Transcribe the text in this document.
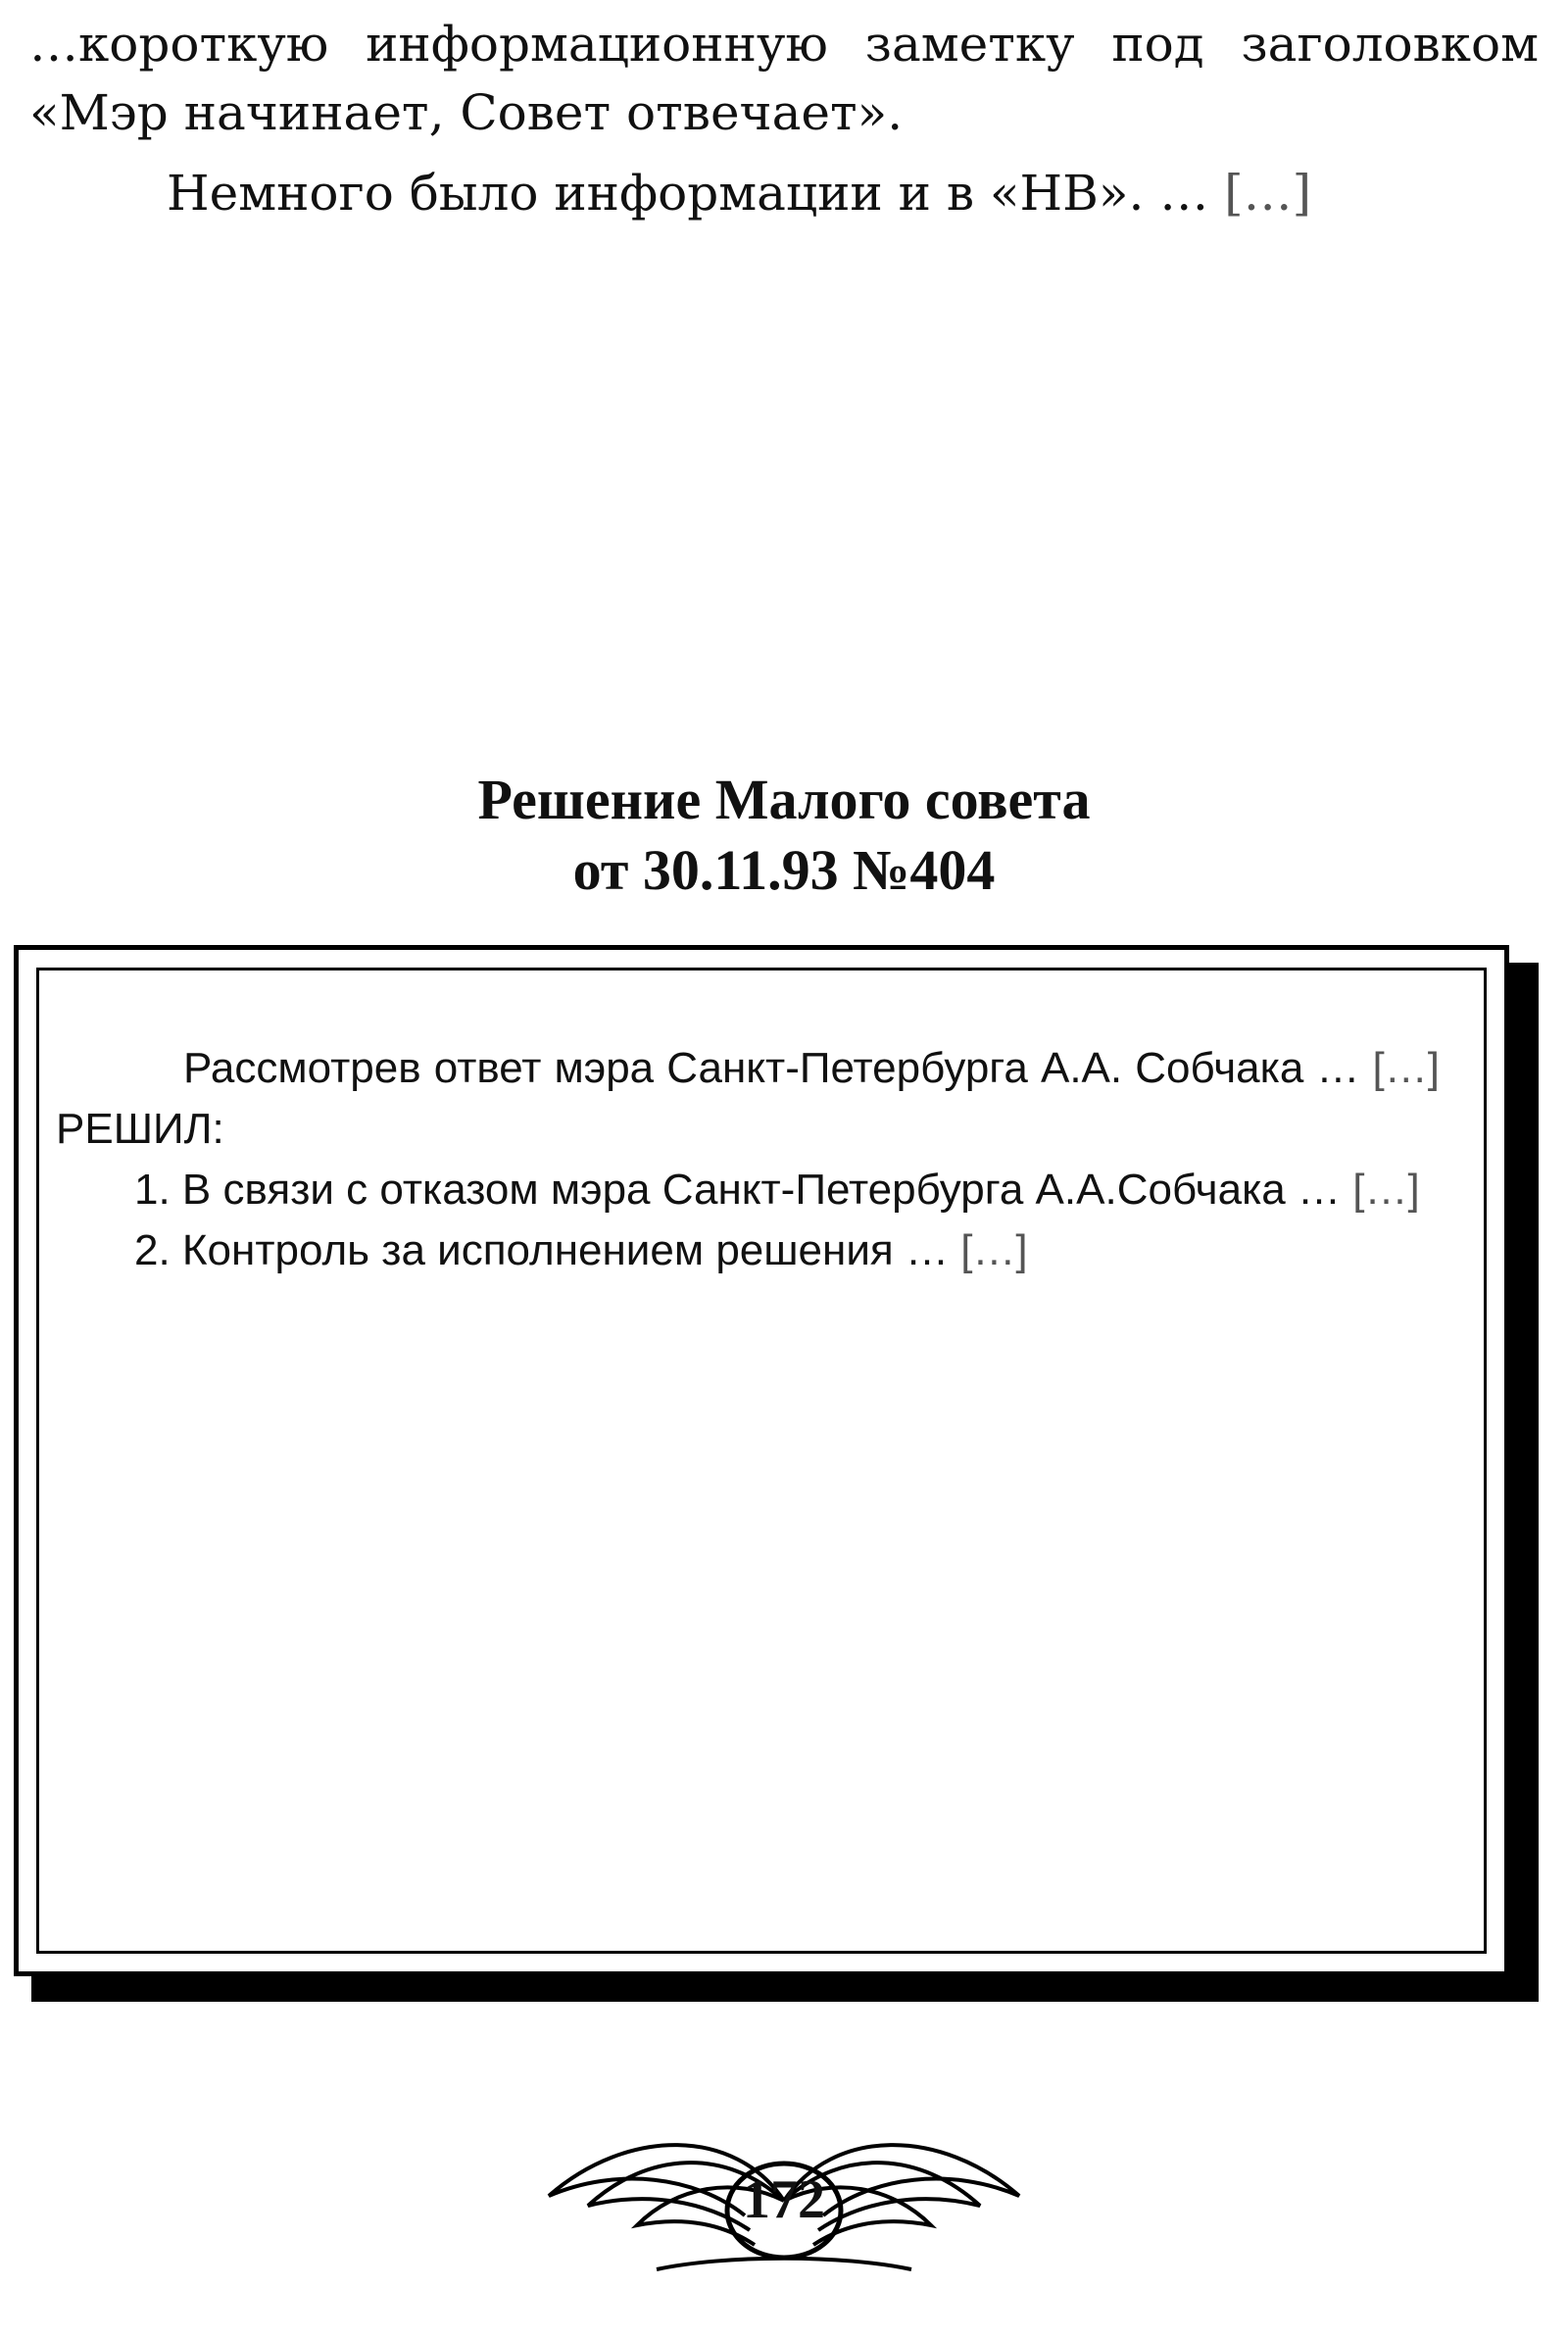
…короткую информационную заметку под заголовком «Мэр начинает, Совет отвечает».

Немного было информации и в «НВ». … […]

Решение Малого совета
от 30.11.93 №404

Рассмотрев ответ мэра Санкт-Петербурга А.А. Собчака … […] РЕШИЛ:

1. В связи с отказом мэра Санкт-Петербурга А.А.Собчака … […]

2. Контроль за исполнением решения … […]

172
